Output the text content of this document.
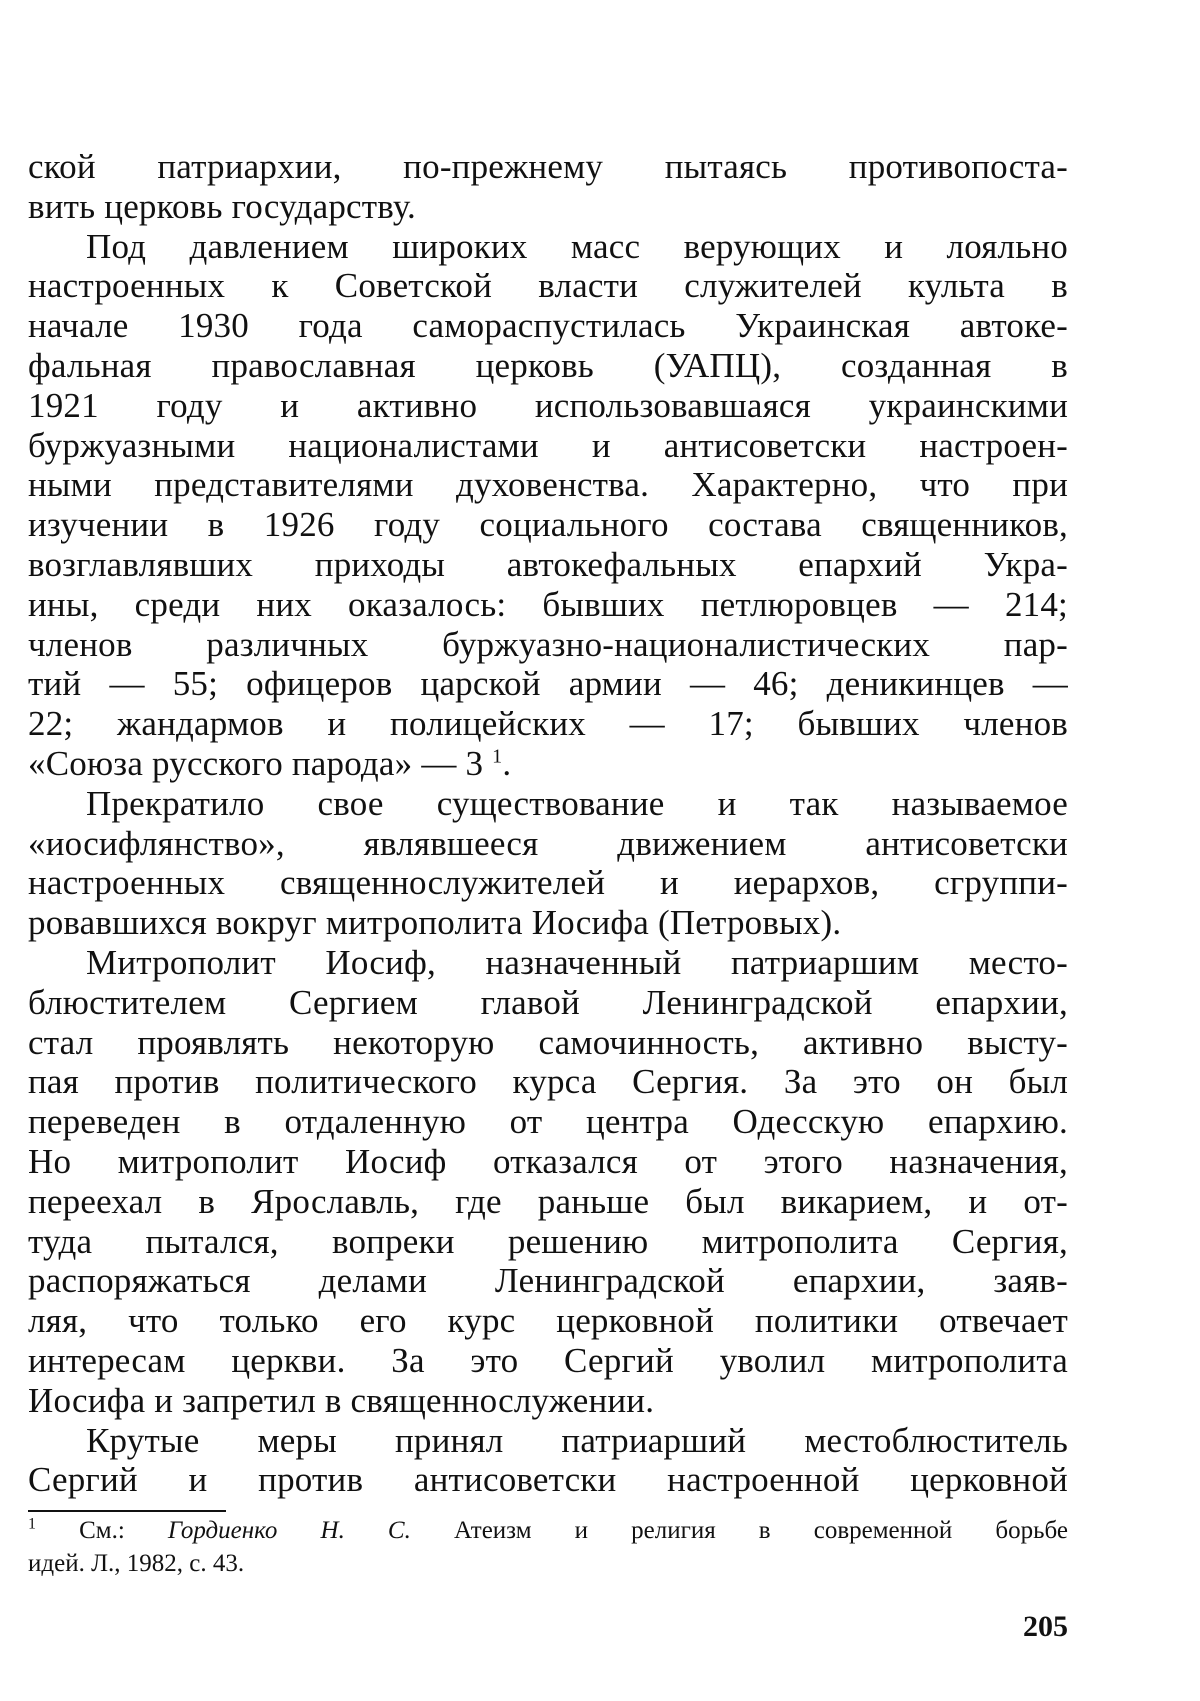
ской патриархии, по-прежнему пытаясь противопоста-
вить церковь государству.
Под давлением широких масс верующих и лояльно
настроенных к Советской власти служителей культа в
начале 1930 года самораспустилась Украинская автоке-
фальная православная церковь (УАПЦ), созданная в
1921 году и активно использовавшаяся украинскими
буржуазными националистами и антисоветски настроен-
ными представителями духовенства. Характерно, что при
изучении в 1926 году социального состава священников,
возглавлявших приходы автокефальных епархий Укра-
ины, среди них оказалось: бывших петлюровцев — 214;
членов различных буржуазно-националистических пар-
тий — 55; офицеров царской армии — 46; деникинцев —
22; жандармов и полицейских — 17; бывших членов
«Союза русского парода» — 3 $^1$.
Прекратило свое существование и так называемое
«иосифлянство», являвшееся движением антисоветски
настроенных священнослужителей и иерархов, сгруппи-
ровавшихся вокруг митрополита Иосифа (Петровых).
Митрополит Иосиф, назначенный патриаршим место-
блюстителем Сергием главой Ленинградской епархии,
стал проявлять некоторую самочинность, активно высту-
пая против политического курса Сергия. За это он был
переведен в отдаленную от центра Одесскую епархию.
Но митрополит Иосиф отказался от этого назначения,
переехал в Ярославль, где раньше был викарием, и от-
туда пытался, вопреки решению митрополита Сергия,
распоряжаться делами Ленинградской епархии, заяв-
ляя, что только его курс церковной политики отвечает
интересам церкви. За это Сергий уволил митрополита
Иосифа и запретил в священнослужении.
Крутые меры принял патриарший местоблюститель
Сергий и против антисоветски настроенной церковной
$^1$ См.: Гордиенко Н. С. Атеизм и религия в современной борьбе
идей. Л., 1982, с. 43.
205
